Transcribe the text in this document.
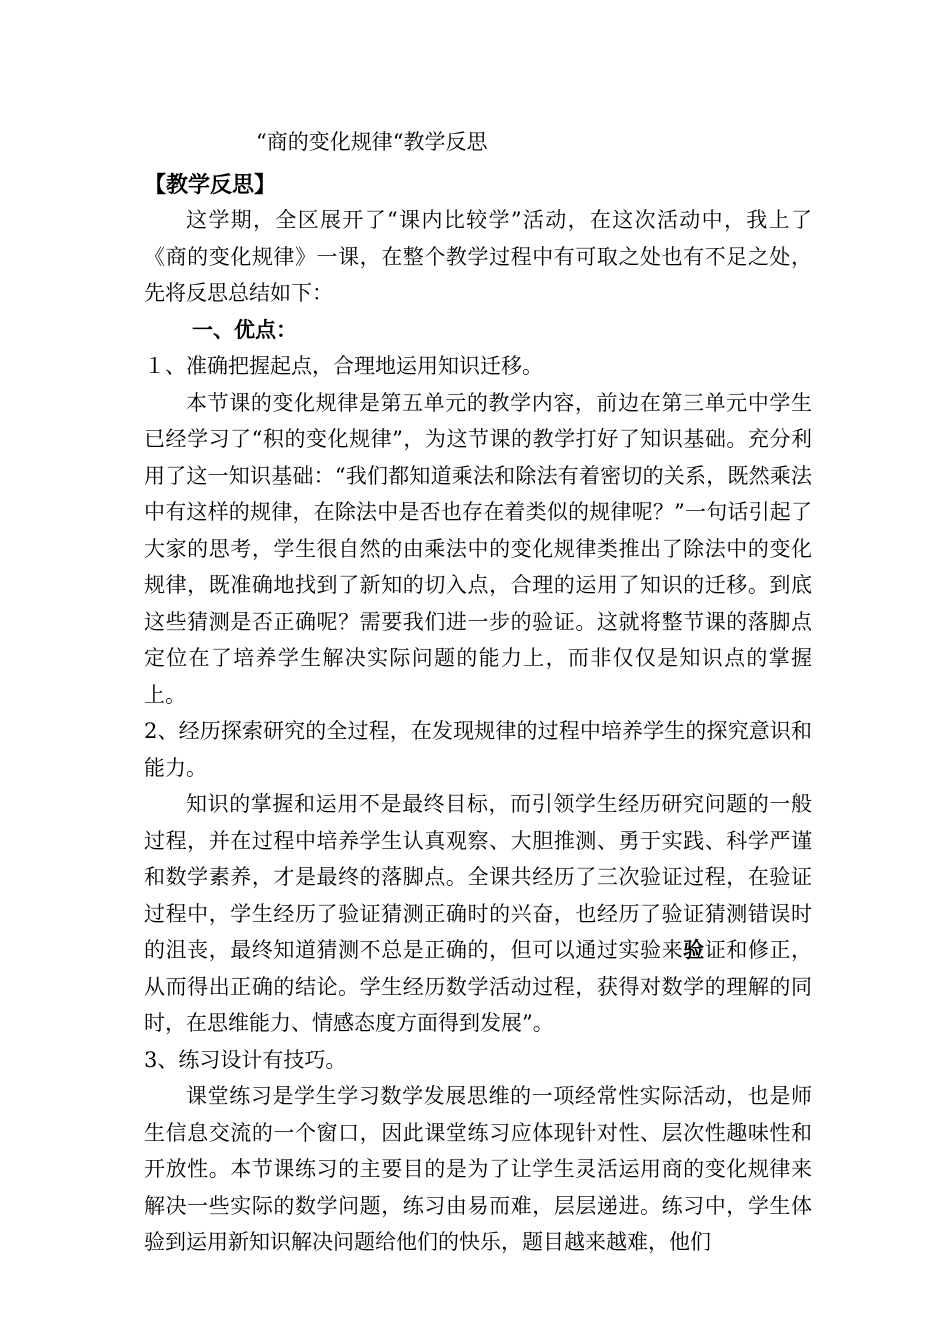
“商的变化规律“教学反思
【教学反思】

这学期，全区展开了“课内比较学”活动，在这次活动中，我上了《商的变化规律》一课，在整个教学过程中有可取之处也有不足之处，先将反思总结如下：

一、优点：

１、准确把握起点，合理地运用知识迁移。

本节课的变化规律是第五单元的教学内容，前边在第三单元中学生已经学习了“积的变化规律”，为这节课的教学打好了知识基础。充分利用了这一知识基础：“我们都知道乘法和除法有着密切的关系，既然乘法中有这样的规律，在除法中是否也存在着类似的规律呢？”一句话引起了大家的思考，学生很自然的由乘法中的变化规律类推出了除法中的变化规律，既准确地找到了新知的切入点，合理的运用了知识的迁移。到底这些猜测是否正确呢？需要我们进一步的验证。这就将整节课的落脚点定位在了培养学生解决实际问题的能力上，而非仅仅是知识点的掌握上。

2、经历探索研究的全过程，在发现规律的过程中培养学生的探究意识和能力。

知识的掌握和运用不是最终目标，而引领学生经历研究问题的一般过程，并在过程中培养学生认真观察、大胆推测、勇于实践、科学严谨和数学素养，才是最终的落脚点。全课共经历了三次验证过程，在验证过程中，学生经历了验证猜测正确时的兴奋，也经历了验证猜测错误时的沮丧，最终知道猜测不总是正确的，但可以通过实验来验证和修正，从而得出正确的结论。学生经历数学活动过程，获得对数学的理解的同时，在思维能力、情感态度方面得到发展”。

3、练习设计有技巧。

课堂练习是学生学习数学发展思维的一项经常性实际活动，也是师生信息交流的一个窗口，因此课堂练习应体现针对性、层次性趣味性和开放性。本节课练习的主要目的是为了让学生灵活运用商的变化规律来解决一些实际的数学问题，练习由易而难，层层递进。练习中，学生体验到运用新知识解决问题给他们的快乐，题目越来越难，他们
